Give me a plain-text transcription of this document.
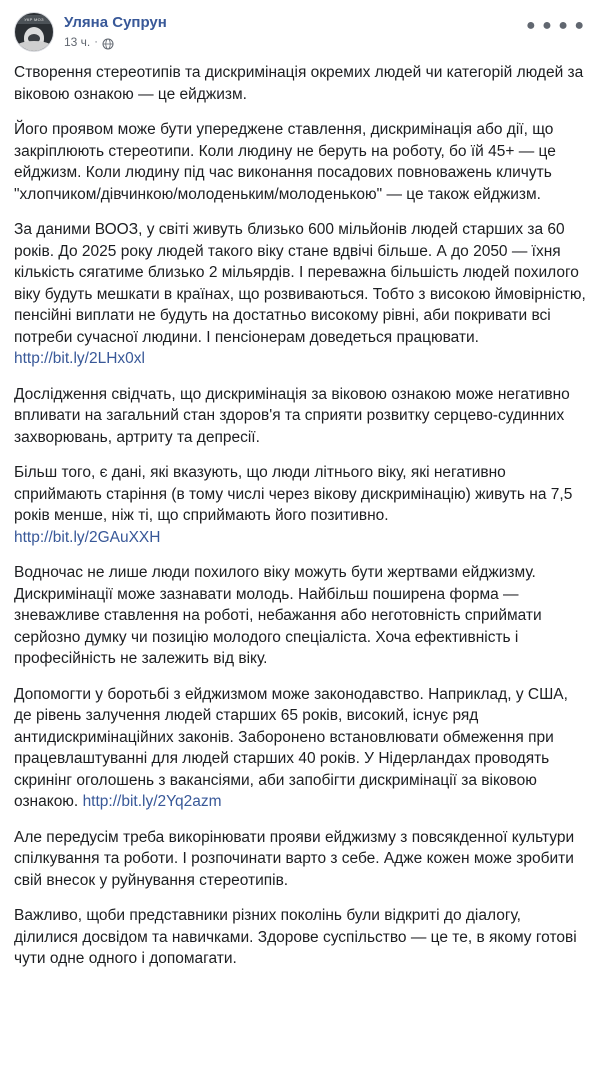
УКР МОЗ Уляна Супрун
13 ч. ·
● ● ● ●

Створення стереотипів та дискримінація окремих людей чи категорій людей за віковою ознакою — це ейджизм.

Його проявом може бути упереджене ставлення, дискримінація або дії, що закріплюють стереотипи. Коли людину не беруть на роботу, бо їй 45+ — це ейджизм. Коли людину під час виконання посадових повноважень кличуть "хлопчиком/дівчинкою/молоденьким/молоденькою" — це також ейджизм.

За даними ВООЗ, у світі живуть близько 600 мільйонів людей старших за 60 років. До 2025 року людей такого віку стане вдвічі більше. А до 2050 — їхня кількість сягатиме близько 2 мільярдів. І переважна більшість людей похилого віку будуть мешкати в країнах, що розвиваються. Тобто з високою ймовірністю, пенсійні виплати не будуть на достатньо високому рівні, аби покривати всі потреби сучасної людини. І пенсіонерам доведеться працювати.
http://bit.ly/2LHx0xl

Дослідження свідчать, що дискримінація за віковою ознакою може негативно впливати на загальний стан здоров'я та сприяти розвитку серцево-судинних захворювань, артриту та депресії.

Більш того, є дані, які вказують, що люди літнього віку, які негативно сприймають старіння (в тому числі через вікову дискримінацію) живуть на 7,5 років менше, ніж ті, що сприймають його позитивно.
http://bit.ly/2GAuXXH

Водночас не лише люди похилого віку можуть бути жертвами ейджизму. Дискримінації може зазнавати молодь. Найбільш поширена форма — зневажливе ставлення на роботі, небажання або неготовність сприймати серйозно думку чи позицію молодого спеціаліста. Хоча ефективність і професійність не залежить від віку.

Допомогти у боротьбі з ейджизмом може законодавство. Наприклад, у США, де рівень залучення людей старших 65 років, високий, існує ряд антидискримінаційних законів. Заборонено встановлювати обмеження при працевлаштуванні для людей старших 40 років. У Нідерландах проводять скринінг оголошень з вакансіями, аби запобігти дискримінації за віковою ознакою. http://bit.ly/2Yq2azm

Але передусім треба викорінювати прояви ейджизму з повсякденної культури спілкування та роботи. І розпочинати варто з себе. Адже кожен може зробити свій внесок у руйнування стереотипів.

Важливо, щоби представники різних поколінь були відкриті до діалогу, ділилися досвідом та навичками. Здорове суспільство — це те, в якому готові чути одне одного і допомагати.
